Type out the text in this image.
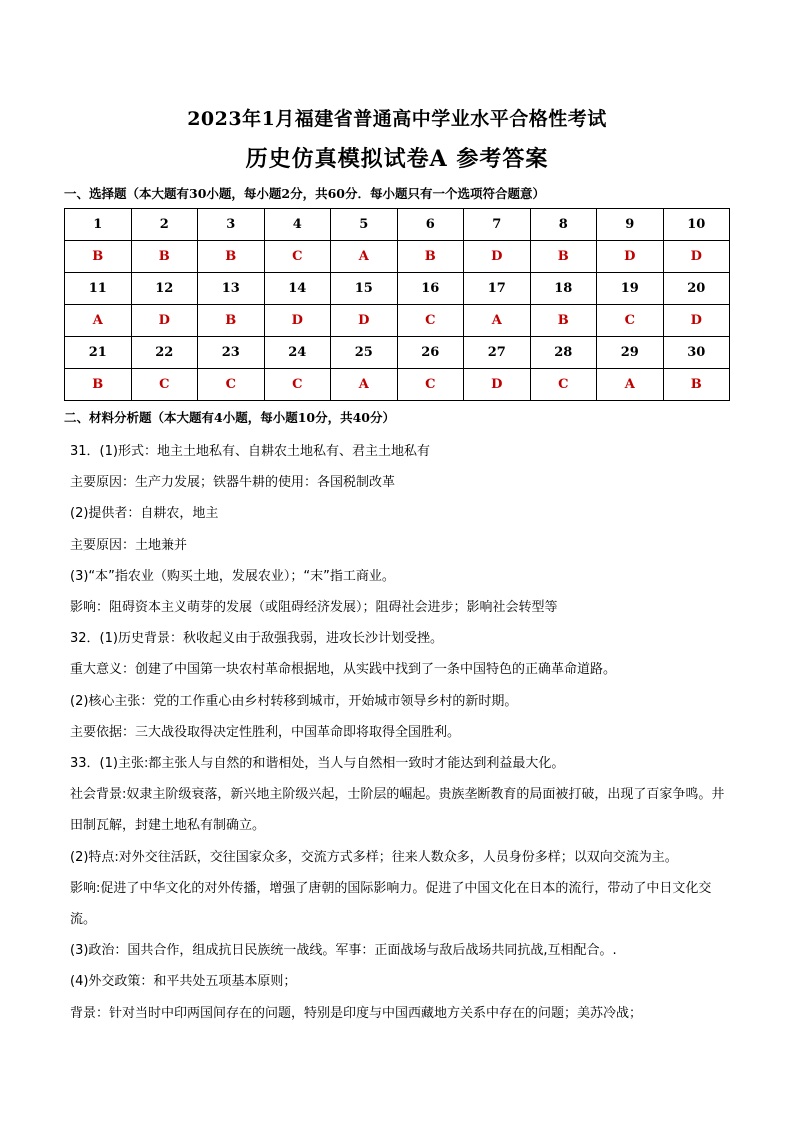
2023年1月福建省普通高中学业水平合格性考试
历史仿真模拟试卷A 参考答案
一、选择题（本大题有30小题，每小题2分，共60分．每小题只有一个选项符合题意）
1	2	3	4	5	6	7	8	9	10
B	B	B	C	A	B	D	B	D	D
11	12	13	14	15	16	17	18	19	20
A	D	B	D	D	C	A	B	C	D
21	22	23	24	25	26	27	28	29	30
B	C	C	C	A	C	D	C	A	B
二、材料分析题（本大题有4小题，每小题10分，共40分）

31．(1)形式：地主土地私有、自耕农土地私有、君主土地私有

主要原因：生产力发展；铁器牛耕的使用：各国税制改革

(2)提供者：自耕农，地主

主要原因：土地兼并

(3)“本”指农业（购买土地，发展农业）；“末”指工商业。

影响：阻碍资本主义萌芽的发展（或阻碍经济发展）；阻碍社会进步；影响社会转型等

32．(1)历史背景：秋收起义由于敌强我弱，进攻长沙计划受挫。

重大意义：创建了中国第一块农村革命根据地，从实践中找到了一条中国特色的正确革命道路。

(2)核心主张：党的工作重心由乡村转移到城市，开始城市领导乡村的新时期。

主要依据：三大战役取得决定性胜利，中国革命即将取得全国胜利。

33．(1)主张:都主张人与自然的和谐相处，当人与自然相一致时才能达到利益最大化。

社会背景:奴隶主阶级衰落，新兴地主阶级兴起，士阶层的崛起。贵族垄断教育的局面被打破，出现了百家争鸣。井田制瓦解，封建土地私有制确立。

(2)特点:对外交往活跃，交往国家众多，交流方式多样；往来人数众多，人员身份多样；以双向交流为主。

影响:促进了中华文化的对外传播，增强了唐朝的国际影响力。促进了中国文化在日本的流行，带动了中日文化交流。

(3)政治：国共合作，组成抗日民族统一战线。军事：正面战场与敌后战场共同抗战,互相配合。.

(4)外交政策：和平共处五项基本原则；

背景：针对当时中印两国间存在的问题，特别是印度与中国西藏地方关系中存在的问题；美苏冷战；
